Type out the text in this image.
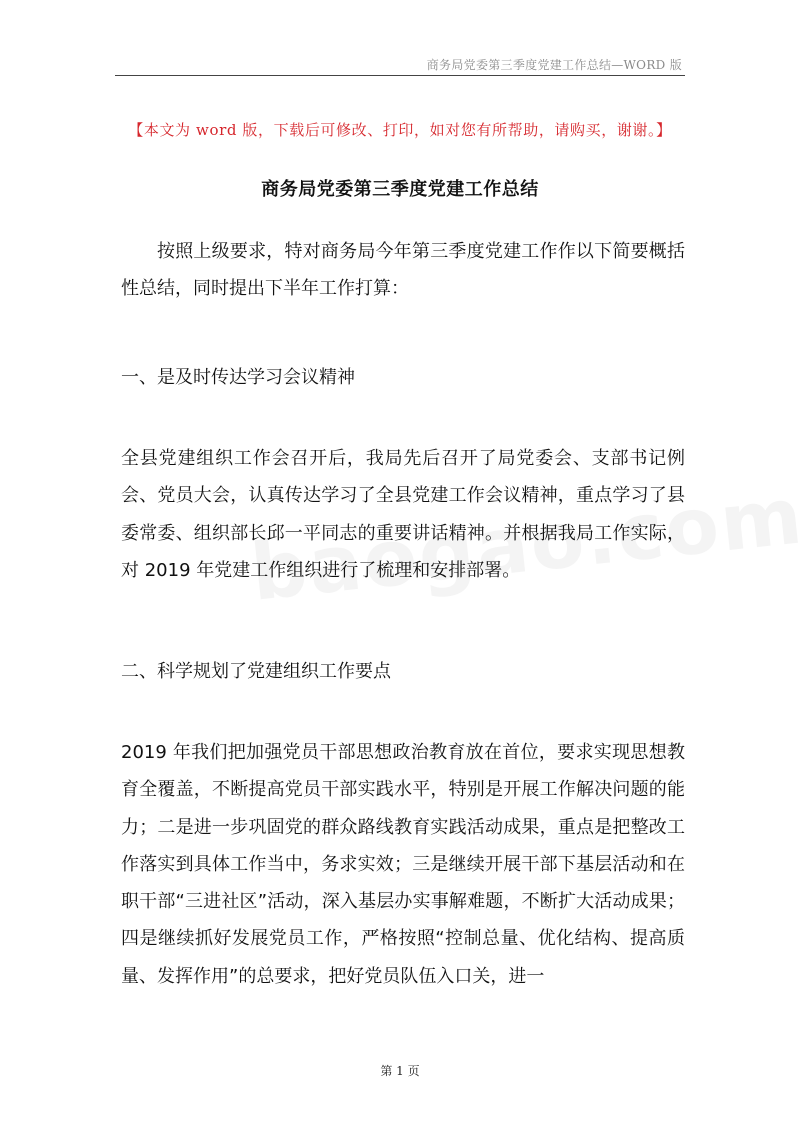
商务局党委第三季度党建工作总结—WORD 版
【本文为 word 版，下载后可修改、打印，如对您有所帮助，请购买，谢谢。】
商务局党委第三季度党建工作总结

按照上级要求，特对商务局今年第三季度党建工作作以下简要概括性总结，同时提出下半年工作打算：

一、是及时传达学习会议精神

全县党建组织工作会召开后，我局先后召开了局党委会、支部书记例会、党员大会，认真传达学习了全县党建工作会议精神，重点学习了县委常委、组织部长邱一平同志的重要讲话精神。并根据我局工作实际，对 2019 年党建工作组织进行了梳理和安排部署。

二、科学规划了党建组织工作要点

2019 年我们把加强党员干部思想政治教育放在首位，要求实现思想教育全覆盖，不断提高党员干部实践水平，特别是开展工作解决问题的能力；二是进一步巩固党的群众路线教育实践活动成果，重点是把整改工作落实到具体工作当中，务求实效；三是继续开展干部下基层活动和在职干部“三进社区”活动，深入基层办实事解难题，不断扩大活动成果；四是继续抓好发展党员工作，严格按照“控制总量、优化结构、提高质量、发挥作用”的总要求，把好党员队伍入口关，进一

第 1 页
